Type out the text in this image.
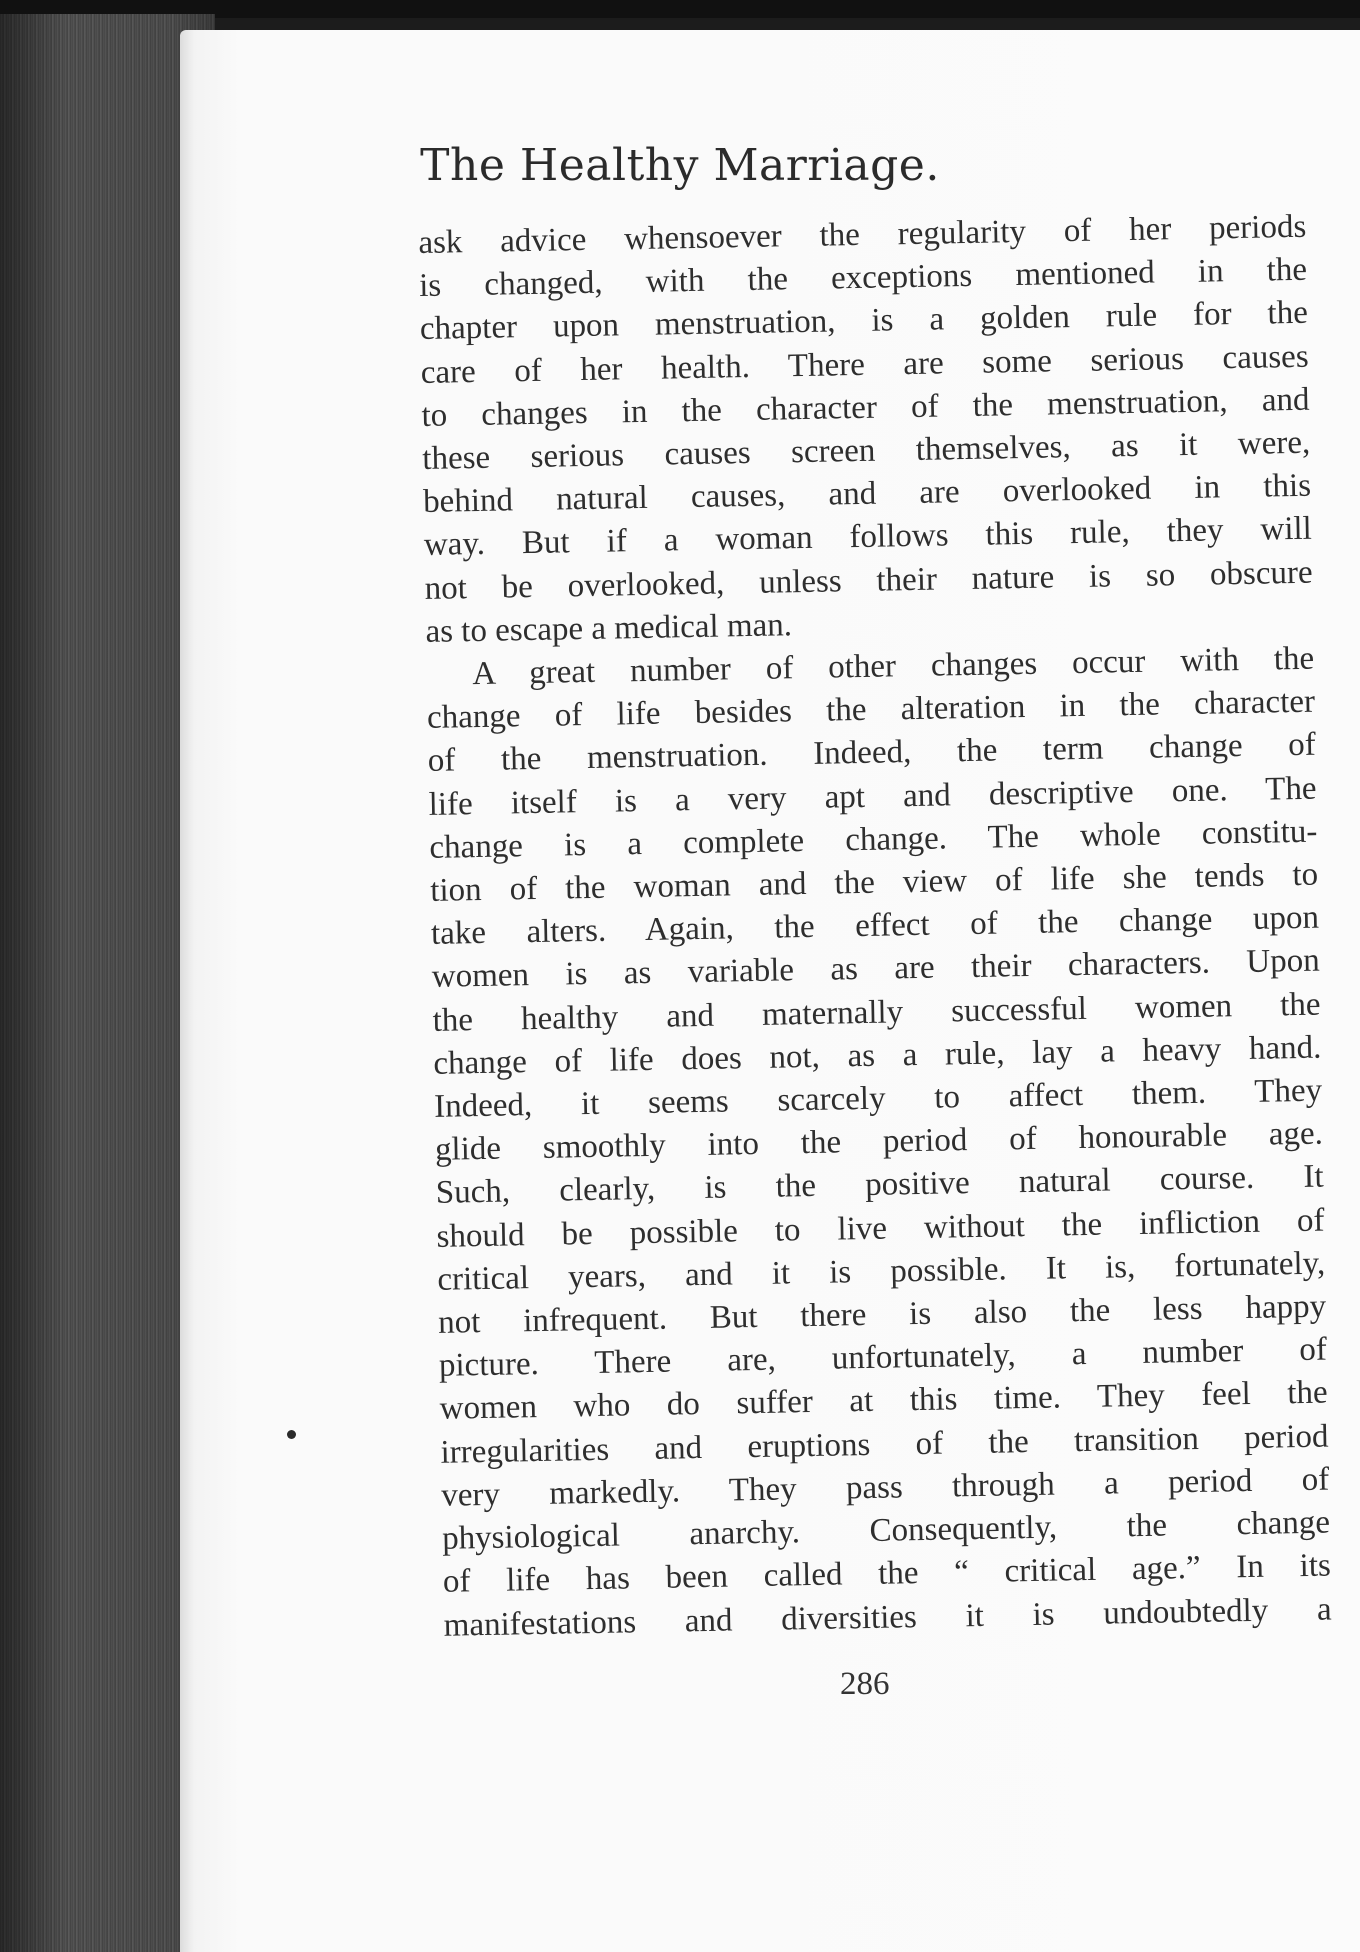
The Healthy Marriage.

ask advice whensoever the regularity of her periods
is changed, with the exceptions mentioned in the
chapter upon menstruation, is a golden rule for the
care of her health. There are some serious causes
to changes in the character of the menstruation, and
these serious causes screen themselves, as it were,
behind natural causes, and are overlooked in this
way. But if a woman follows this rule, they will
not be overlooked, unless their nature is so obscure
as to escape a medical man.

A great number of other changes occur with the
change of life besides the alteration in the character
of the menstruation. Indeed, the term change of
life itself is a very apt and descriptive one. The
change is a complete change. The whole constitu-
tion of the woman and the view of life she tends to
take alters. Again, the effect of the change upon
women is as variable as are their characters. Upon
the healthy and maternally successful women the
change of life does not, as a rule, lay a heavy hand.
Indeed, it seems scarcely to affect them. They
glide smoothly into the period of honourable age.
Such, clearly, is the positive natural course. It
should be possible to live without the infliction of
critical years, and it is possible. It is, fortunately,
not infrequent. But there is also the less happy
picture. There are, unfortunately, a number of
women who do suffer at this time. They feel the
irregularities and eruptions of the transition period
very markedly. They pass through a period of
physiological anarchy. Consequently, the change
of life has been called the “ critical age.” In its
manifestations and diversities it is undoubtedly a

286
